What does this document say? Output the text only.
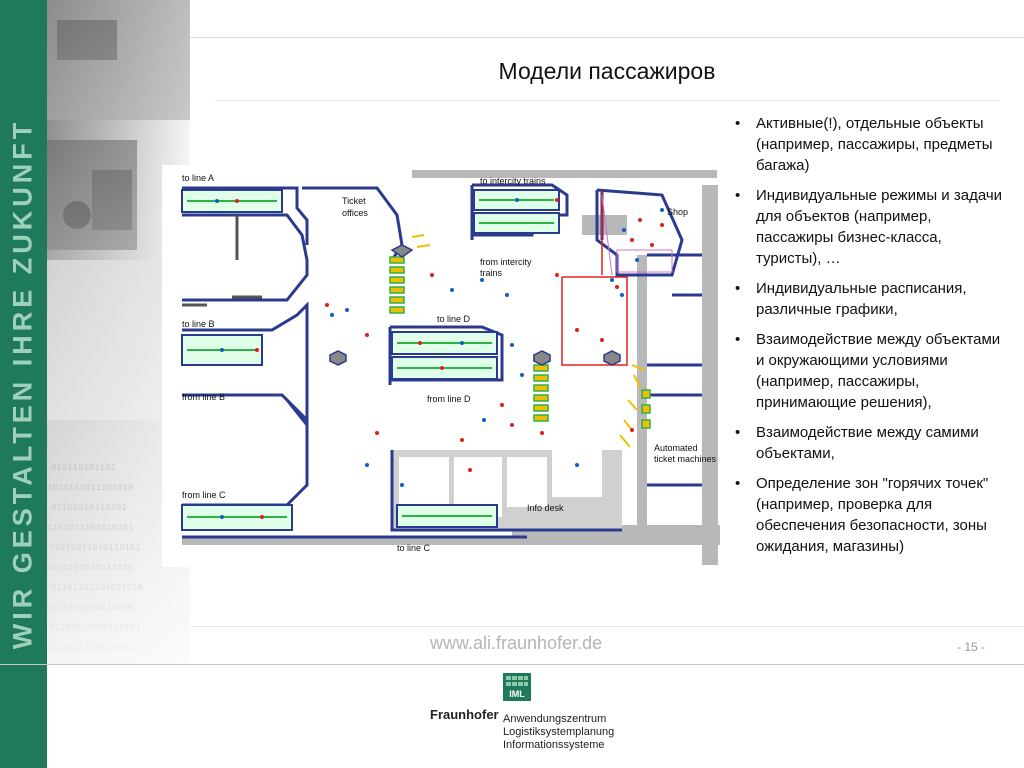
WIR GESTALTEN IHRE ZUKUNFT
Модели пассажиров
to line A	to intercity trains
Ticket
offices	Shop
from intercity
trains
to line B	to line D
from line B	from line D
Automated
ticket machines
from line C
Info desk
to line C
• Активные(!), отдельные объекты (например, пассажиры, предметы багажа)
• Индивидуальные режимы и задачи для объектов (например, пассажиры бизнес-класса, туристы), …
• Индивидуальные расписания, различные графики,
• Взаимодействие между объектами и окружающими условиями (например, пассажиры, принимающие решения),
• Взаимодействие между самими объектами,
• Определение зон "горячих точек" (например, проверка для обеспечения безопасности, зоны ожидания, магазины)
www.ali.fraunhofer.de	- 15 -
IML
Fraunhofer Anwendungszentrum
Logistiksystemplanung
Informationssysteme
